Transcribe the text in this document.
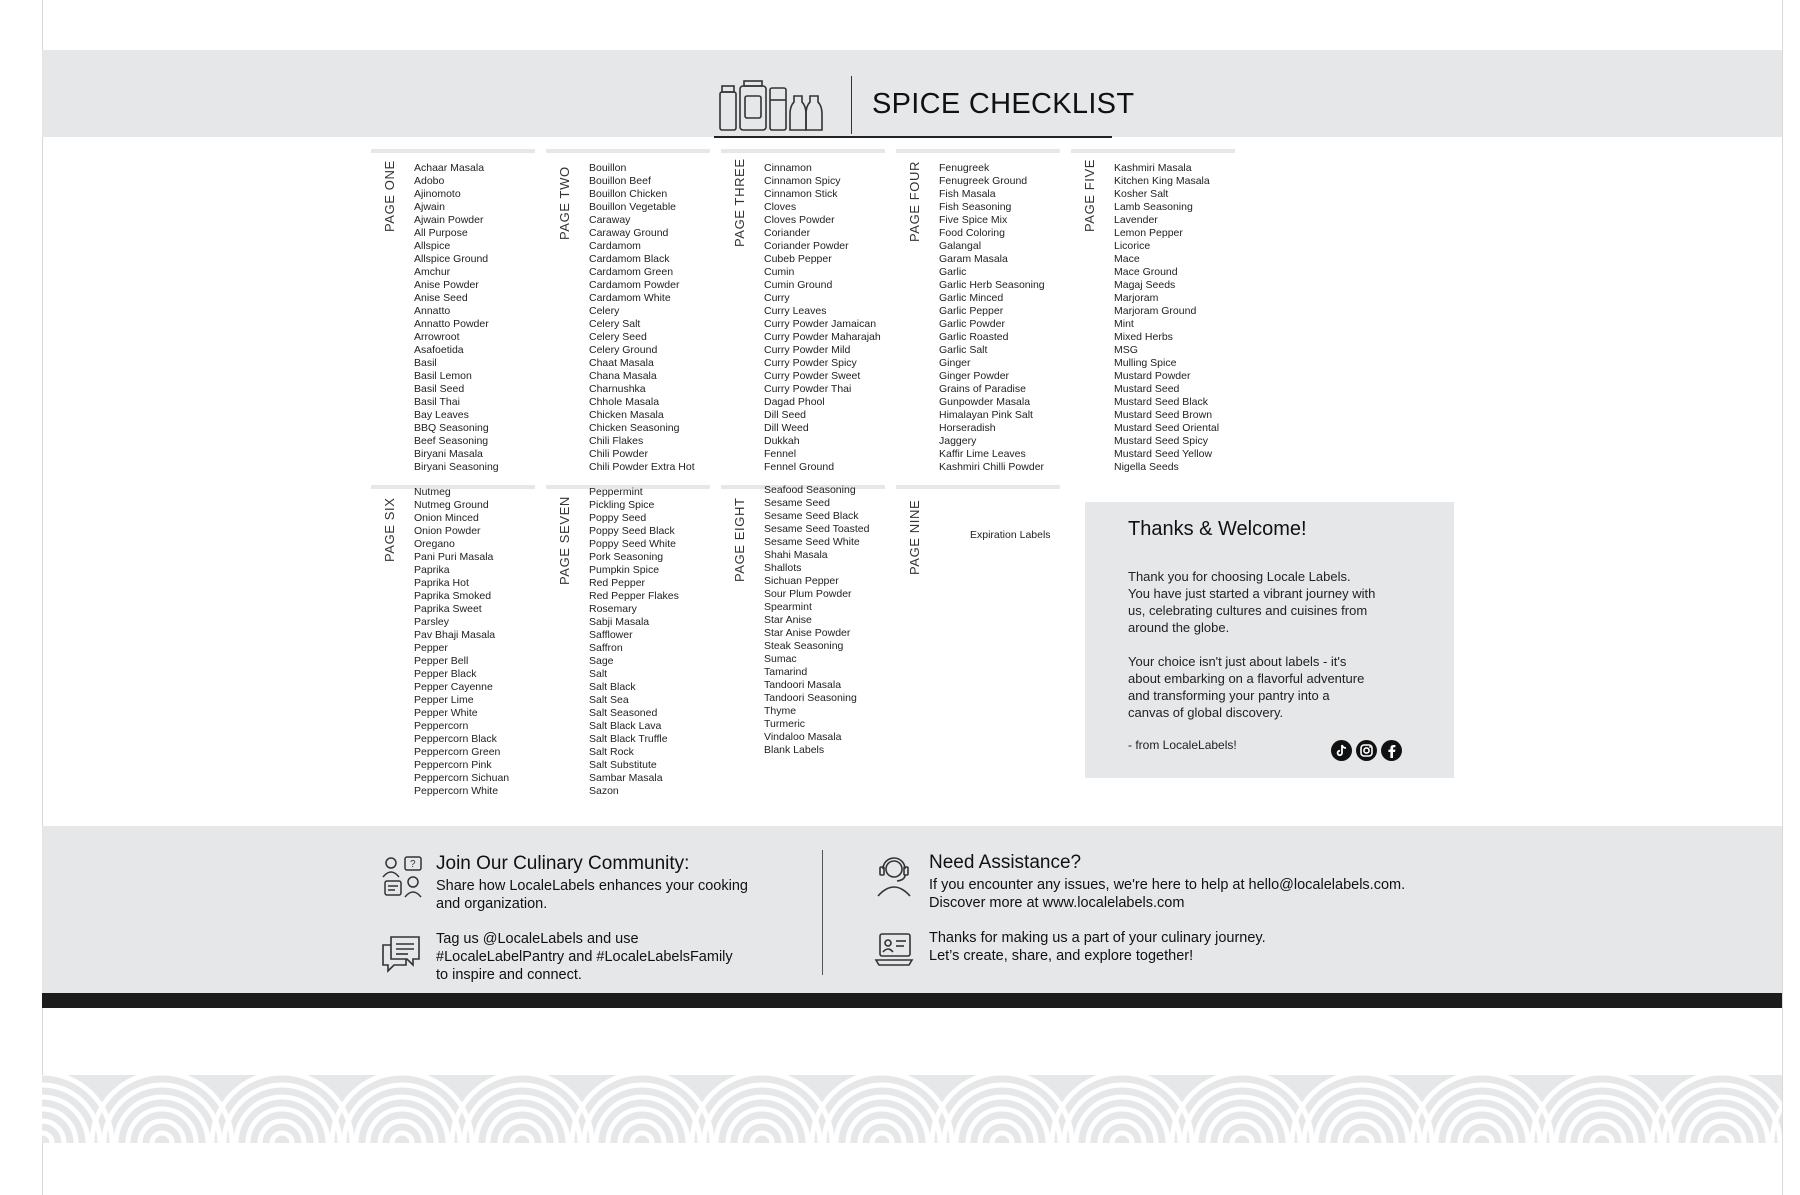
SPICE CHECKLIST
PAGE ONE Achaar Masala
Adobo
Ajinomoto
Ajwain
Ajwain Powder
All Purpose
Allspice
Allspice Ground
Amchur
Anise Powder
Anise Seed
Annatto
Annatto Powder
Arrowroot
Asafoetida
Basil
Basil Lemon
Basil Seed
Basil Thai
Bay Leaves
BBQ Seasoning
Beef Seasoning
Biryani Masala
Biryani Seasoning
PAGE TWO Bouillon
Bouillon Beef
Bouillon Chicken
Bouillon Vegetable
Caraway
Caraway Ground
Cardamom
Cardamom Black
Cardamom Green
Cardamom Powder
Cardamom White
Celery
Celery Salt
Celery Seed
Celery Ground
Chaat Masala
Chana Masala
Charnushka
Chhole Masala
Chicken Masala
Chicken Seasoning
Chili Flakes
Chili Powder
Chili Powder Extra Hot
PAGE THREE Cinnamon
Cinnamon Spicy
Cinnamon Stick
Cloves
Cloves Powder
Coriander
Coriander Powder
Cubeb Pepper
Cumin
Cumin Ground
Curry
Curry Leaves
Curry Powder Jamaican
Curry Powder Maharajah
Curry Powder Mild
Curry Powder Spicy
Curry Powder Sweet
Curry Powder Thai
Dagad Phool
Dill Seed
Dill Weed
Dukkah
Fennel
Fennel Ground
PAGE FOUR Fenugreek
Fenugreek Ground
Fish Masala
Fish Seasoning
Five Spice Mix
Food Coloring
Galangal
Garam Masala
Garlic
Garlic Herb Seasoning
Garlic Minced
Garlic Pepper
Garlic Powder
Garlic Roasted
Garlic Salt
Ginger
Ginger Powder
Grains of Paradise
Gunpowder Masala
Himalayan Pink Salt
Horseradish
Jaggery
Kaffir Lime Leaves
Kashmiri Chilli Powder
PAGE FIVE Kashmiri Masala
Kitchen King Masala
Kosher Salt
Lamb Seasoning
Lavender
Lemon Pepper
Licorice
Mace
Mace Ground
Magaj Seeds
Marjoram
Marjoram Ground
Mint
Mixed Herbs
MSG
Mulling Spice
Mustard Powder
Mustard Seed
Mustard Seed Black
Mustard Seed Brown
Mustard Seed Oriental
Mustard Seed Spicy
Mustard Seed Yellow
Nigella Seeds
PAGE SIX
Nutmeg
Nutmeg Ground
Onion Minced
Onion Powder
Oregano
Pani Puri Masala
Paprika
Paprika Hot
Paprika Smoked
Paprika Sweet
Parsley
Pav Bhaji Masala
Pepper
Pepper Bell
Pepper Black
Pepper Cayenne
Pepper Lime
Pepper White
Peppercorn
Peppercorn Black
Peppercorn Green
Peppercorn Pink
Peppercorn Sichuan
Peppercorn White
PAGE SEVEN
Peppermint
Pickling Spice
Poppy Seed
Poppy Seed Black
Poppy Seed White
Pork Seasoning
Pumpkin Spice
Red Pepper
Red Pepper Flakes
Rosemary
Sabji Masala
Safflower
Saffron
Sage
Salt
Salt Black
Salt Sea
Salt Seasoned
Salt Black Lava
Salt Black Truffle
Salt Rock
Salt Substitute
Sambar Masala
Sazon
PAGE EIGHT
Seafood Seasoning
Sesame Seed
Sesame Seed Black
Sesame Seed Toasted
Sesame Seed White
Shahi Masala
Shallots
Sichuan Pepper
Sour Plum Powder
Spearmint
Star Anise
Star Anise Powder
Steak Seasoning
Sumac
Tamarind
Tandoori Masala
Tandoori Seasoning
Thyme
Turmeric
Vindaloo Masala
Blank Labels
PAGE NINE	Expiration Labels	Thanks & Welcome!
Thank you for choosing Locale Labels.
You have just started a vibrant journey with
us, celebrating cultures and cuisines from
around the globe.
Your choice isn't just about labels - it's
about embarking on a flavorful adventure
and transforming your pantry into a
canvas of global discovery.
- from LocaleLabels!
? Join Our Culinary Community:
Share how LocaleLabels enhances your cooking
and organization.
Tag us @LocaleLabels and use
#LocaleLabelPantry and #LocaleLabelsFamily
to inspire and connect.
Need Assistance?
If you encounter any issues, we're here to help at hello@localelabels.com.
Discover more at www.localelabels.com
Thanks for making us a part of your culinary journey.
Let’s create, share, and explore together!
